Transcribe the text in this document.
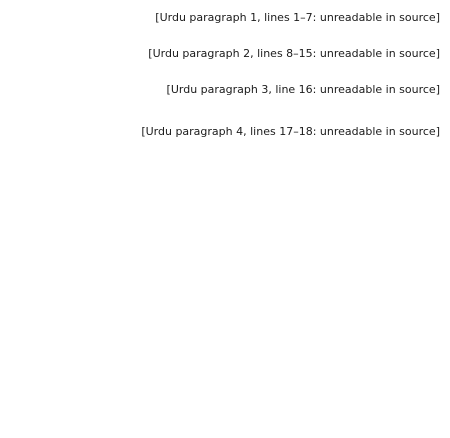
[Urdu paragraph 1, lines 1–7: unreadable in source]

[Urdu paragraph 2, lines 8–15: unreadable in source]

[Urdu paragraph 3, line 16: unreadable in source]

[Urdu paragraph 4, lines 17–18: unreadable in source]
